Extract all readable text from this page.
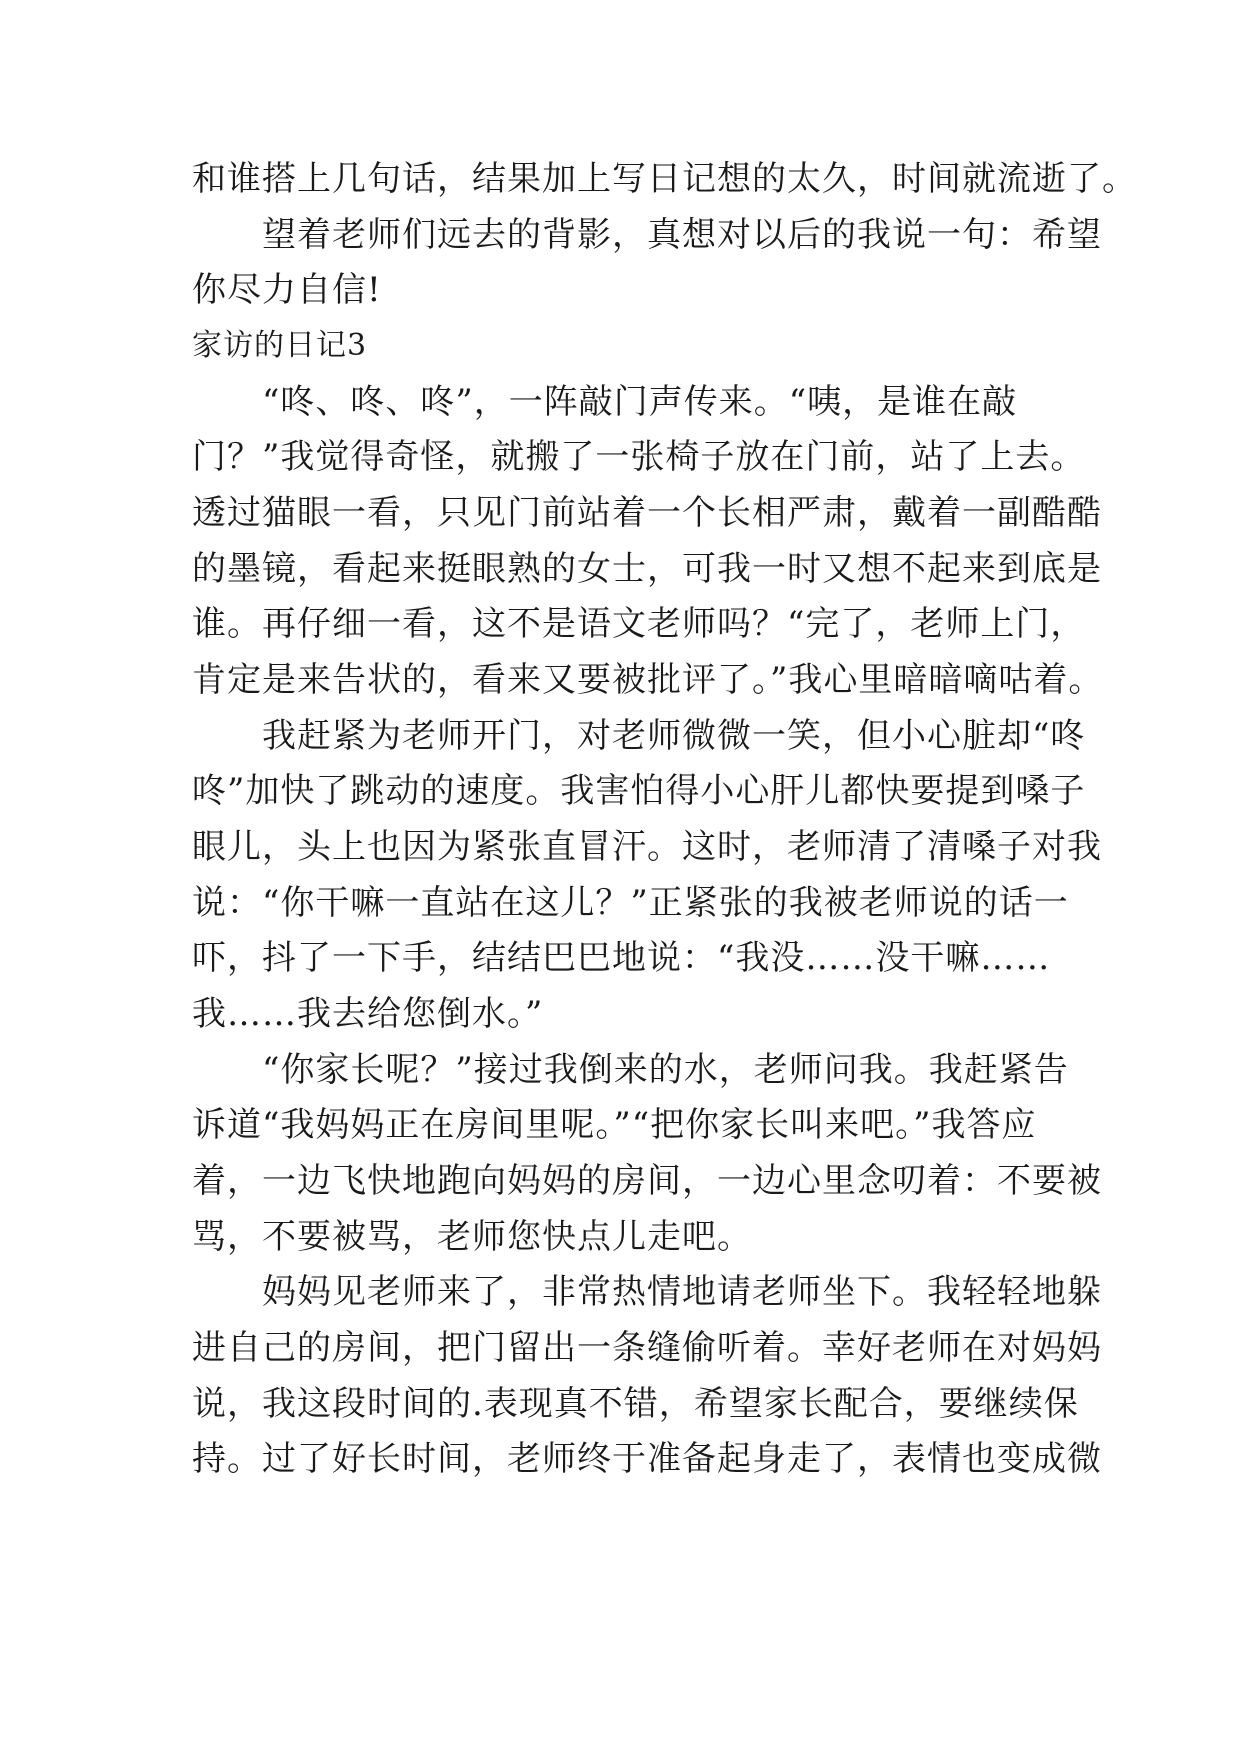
和谁搭上几句话，结果加上写日记想的太久，时间就流逝了。
　　望着老师们远去的背影，真想对以后的我说一句：希望
你尽力自信!
家访的日记3
　　“咚、咚、咚”，一阵敲门声传来。“咦，是谁在敲
门？”我觉得奇怪，就搬了一张椅子放在门前，站了上去。
透过猫眼一看，只见门前站着一个长相严肃，戴着一副酷酷
的墨镜，看起来挺眼熟的女士，可我一时又想不起来到底是
谁。再仔细一看，这不是语文老师吗？“完了，老师上门，
肯定是来告状的，看来又要被批评了。”我心里暗暗嘀咕着。
　　我赶紧为老师开门，对老师微微一笑，但小心脏却“咚
咚”加快了跳动的速度。我害怕得小心肝儿都快要提到嗓子
眼儿，头上也因为紧张直冒汗。这时，老师清了清嗓子对我
说：“你干嘛一直站在这儿？”正紧张的我被老师说的话一
吓，抖了一下手，结结巴巴地说：“我没……没干嘛……
我……我去给您倒水。”
　　“你家长呢？”接过我倒来的水，老师问我。我赶紧告
诉道“我妈妈正在房间里呢。”“把你家长叫来吧。”我答应
着，一边飞快地跑向妈妈的房间，一边心里念叨着：不要被
骂，不要被骂，老师您快点儿走吧。
　　妈妈见老师来了，非常热情地请老师坐下。我轻轻地躲
进自己的房间，把门留出一条缝偷听着。幸好老师在对妈妈
说，我这段时间的.表现真不错，希望家长配合，要继续保
持。过了好长时间，老师终于准备起身走了，表情也变成微
